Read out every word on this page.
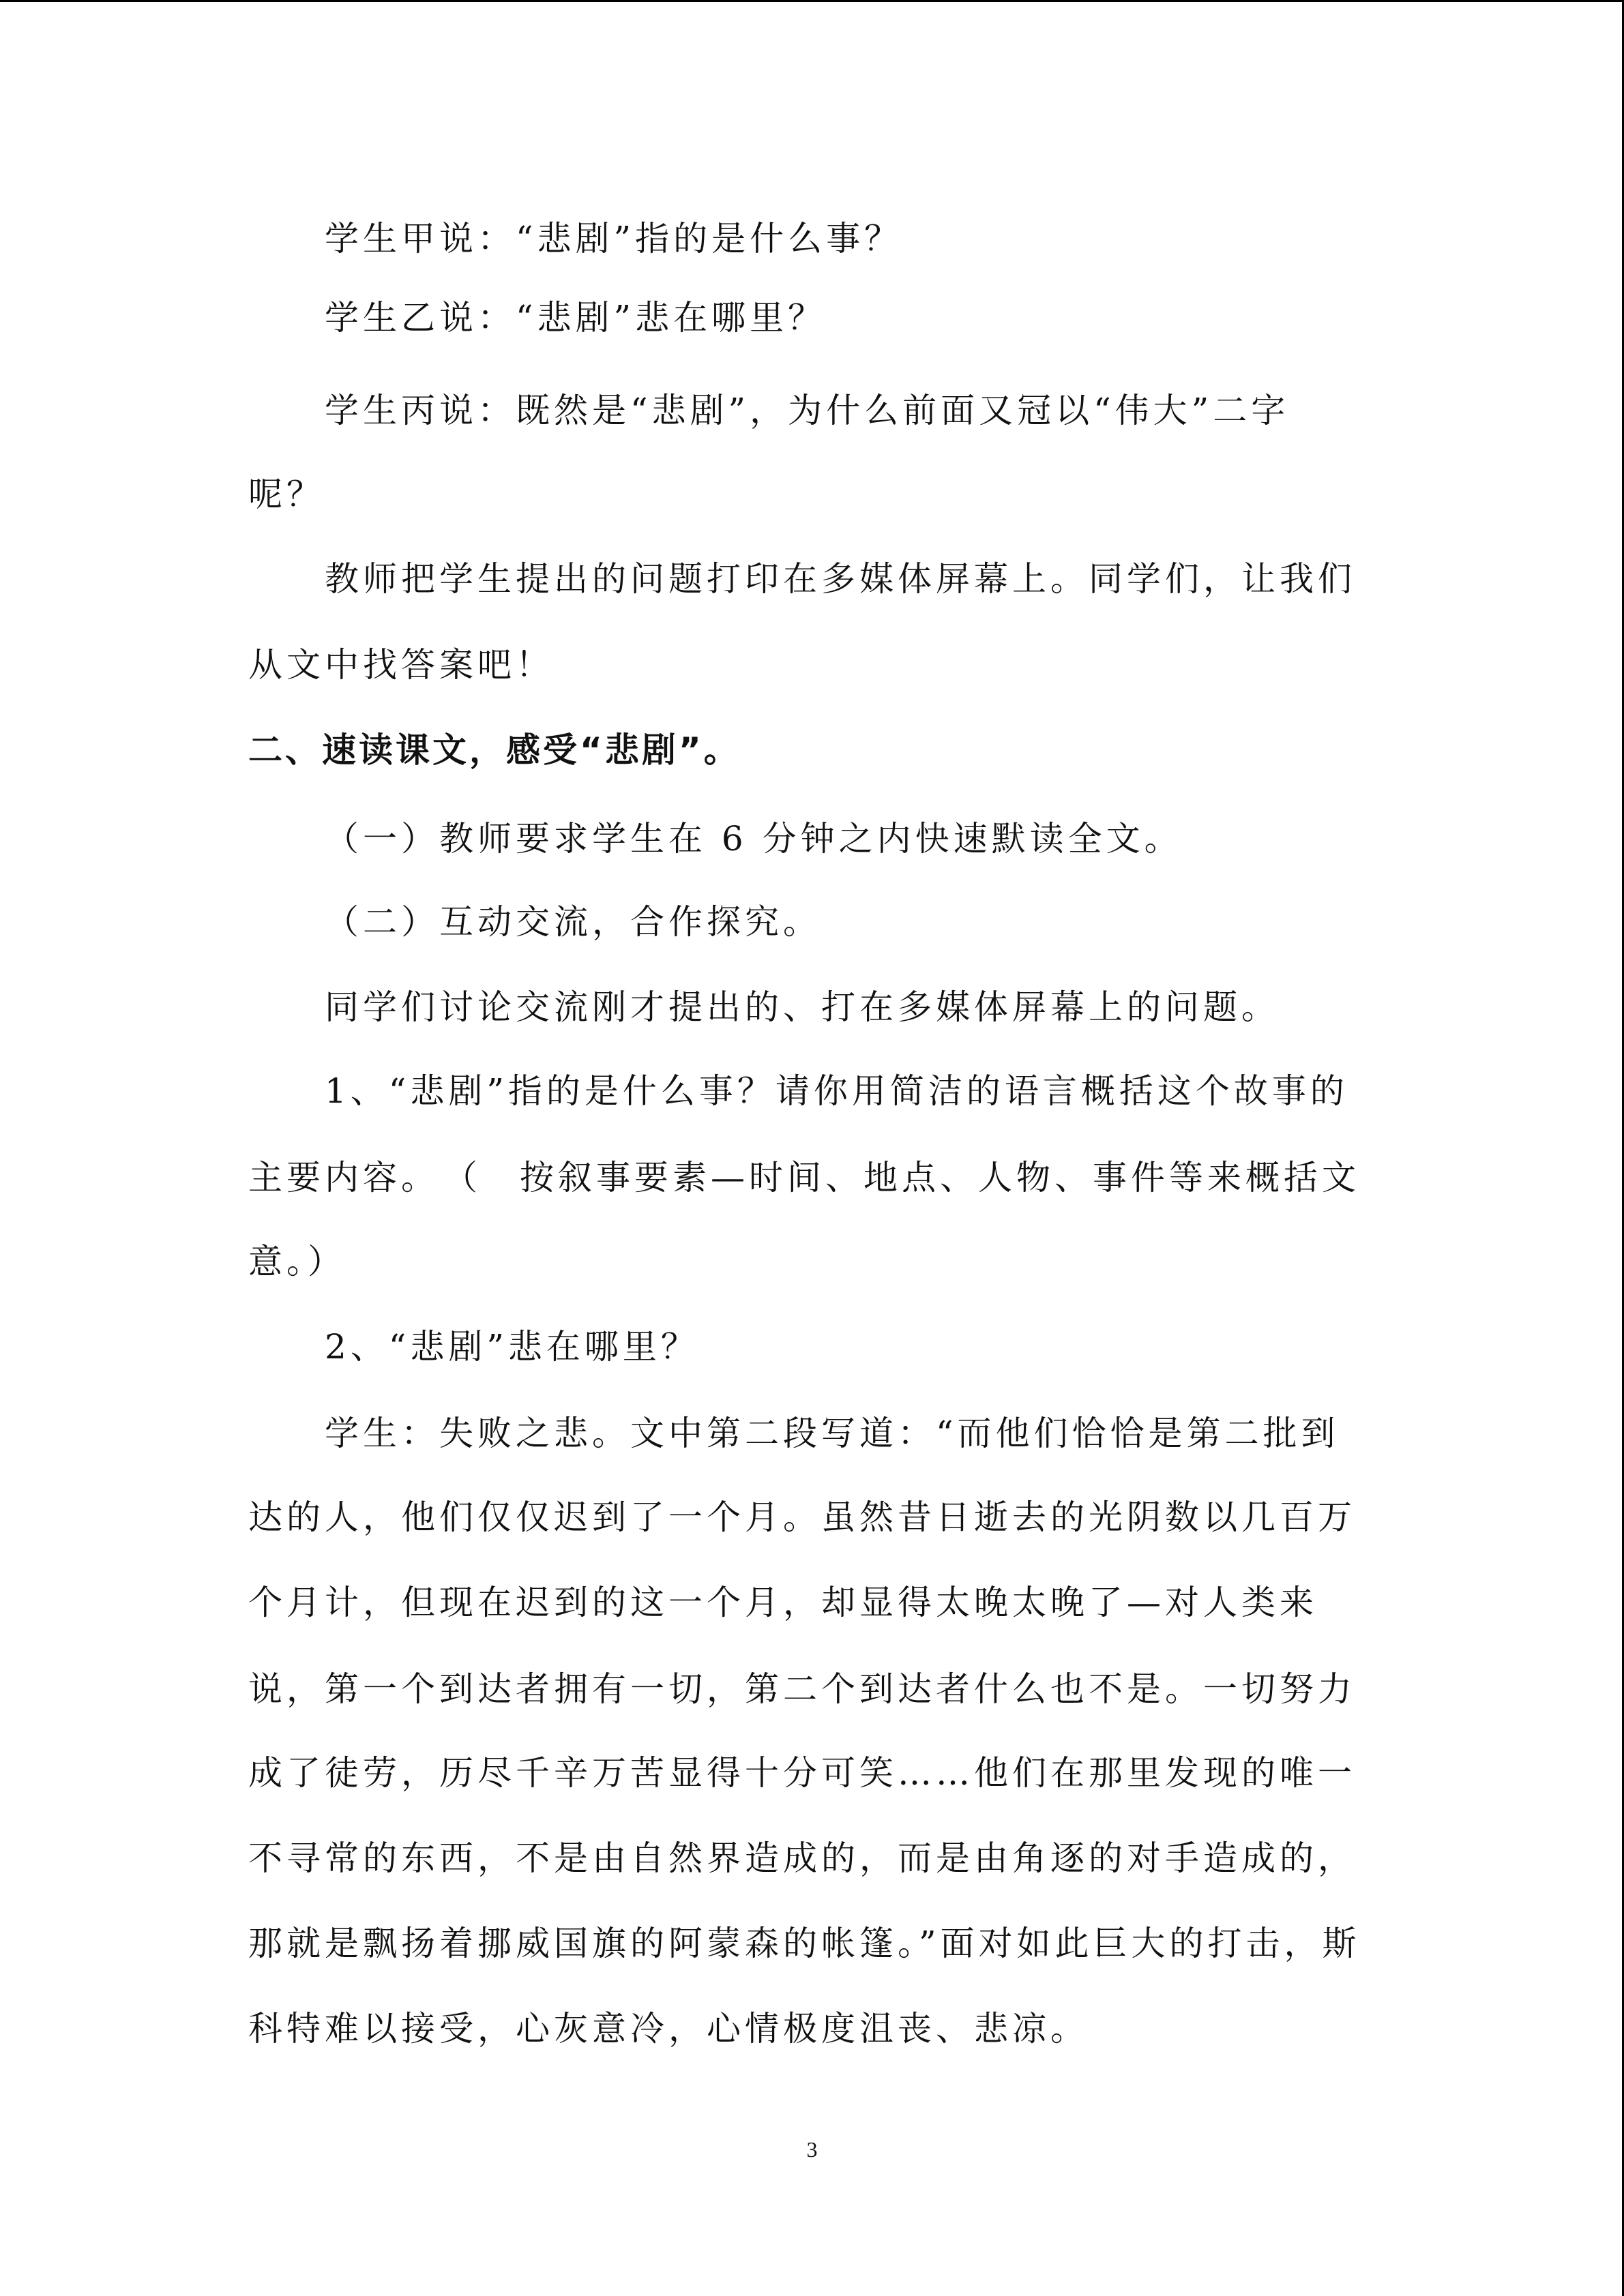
学生甲说：“悲剧”指的是什么事？
学生乙说：“悲剧”悲在哪里？
学生丙说：既然是“悲剧”，为什么前面又冠以“伟大”二字
呢？
教师把学生提出的问题打印在多媒体屏幕上。同学们，让我们
从文中找答案吧！
二、速读课文，感受“悲剧”。
（一）教师要求学生在 6 分钟之内快速默读全文。
（二）互动交流，合作探究。
同学们讨论交流刚才提出的、打在多媒体屏幕上的问题。
1、“悲剧”指的是什么事？请你用简洁的语言概括这个故事的
主要内容。　（　按叙事要素—时间、地点、人物、事件等来概括文
意。）
2、“悲剧”悲在哪里？
学生：失败之悲。文中第二段写道：“而他们恰恰是第二批到
达的人，他们仅仅迟到了一个月。虽然昔日逝去的光阴数以几百万
个月计，但现在迟到的这一个月，却显得太晚太晚了—对人类来
说，第一个到达者拥有一切，第二个到达者什么也不是。一切努力
成了徒劳，历尽千辛万苦显得十分可笑……他们在那里发现的唯一
不寻常的东西，不是由自然界造成的，而是由角逐的对手造成的，
那就是飘扬着挪威国旗的阿蒙森的帐篷。”面对如此巨大的打击，斯
科特难以接受，心灰意冷，心情极度沮丧、悲凉。
3
